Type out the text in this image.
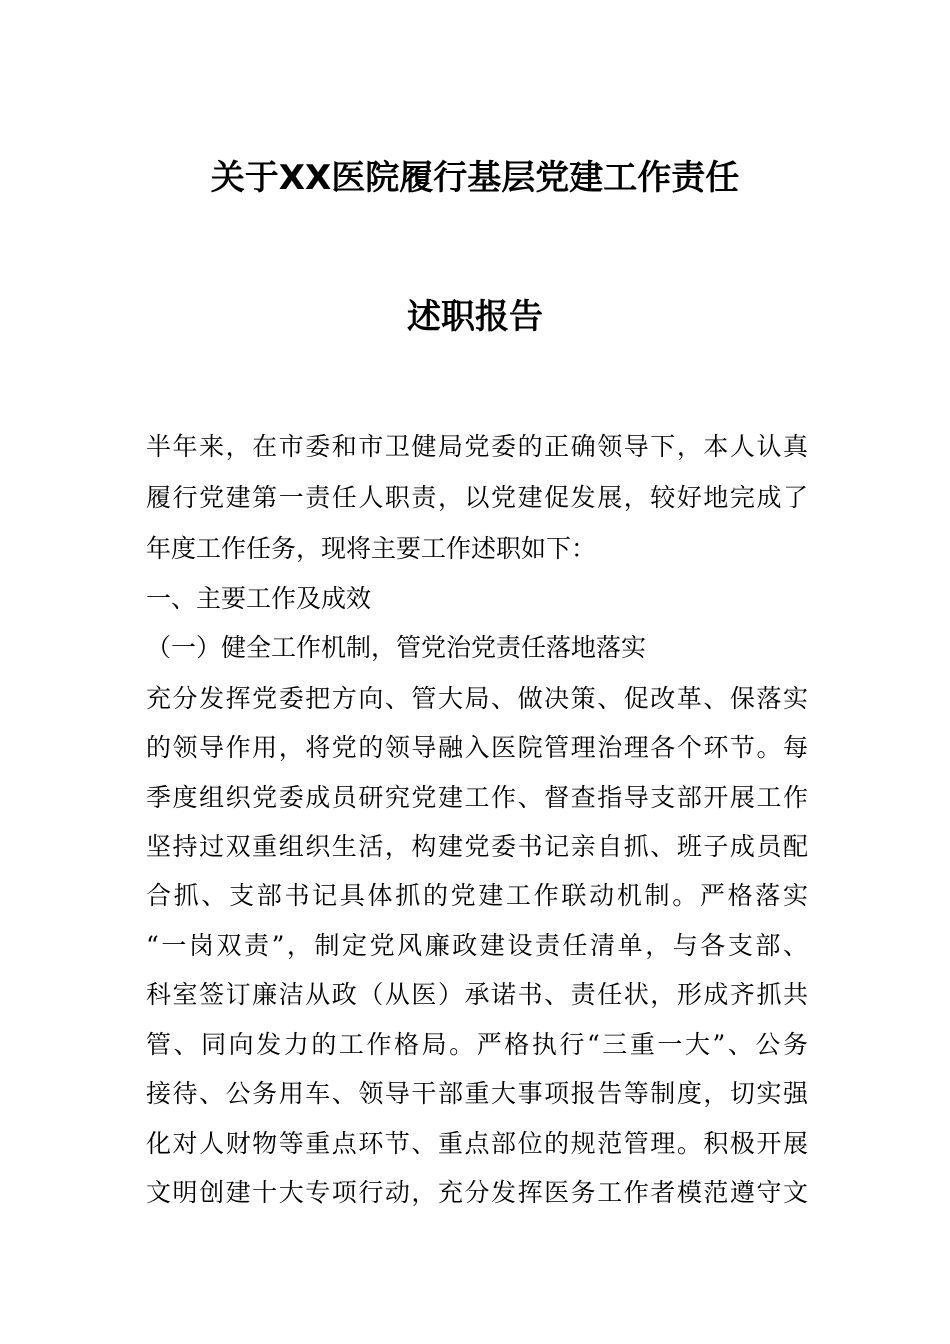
关于XX医院履行基层党建工作责任
述职报告
半年来，在市委和市卫健局党委的正确领导下，本人认真
履行党建第一责任人职责，以党建促发展，较好地完成了
年度工作任务，现将主要工作述职如下：
一、主要工作及成效
（一）健全工作机制，管党治党责任落地落实
充分发挥党委把方向、管大局、做决策、促改革、保落实
的领导作用，将党的领导融入医院管理治理各个环节。每
季度组织党委成员研究党建工作、督查指导支部开展工作
坚持过双重组织生活，构建党委书记亲自抓、班子成员配
合抓、支部书记具体抓的党建工作联动机制。严格落实
“一岗双责”，制定党风廉政建设责任清单，与各支部、
科室签订廉洁从政（从医）承诺书、责任状，形成齐抓共
管、同向发力的工作格局。严格执行“三重一大”、公务
接待、公务用车、领导干部重大事项报告等制度，切实强
化对人财物等重点环节、重点部位的规范管理。积极开展
文明创建十大专项行动，充分发挥医务工作者模范遵守文
